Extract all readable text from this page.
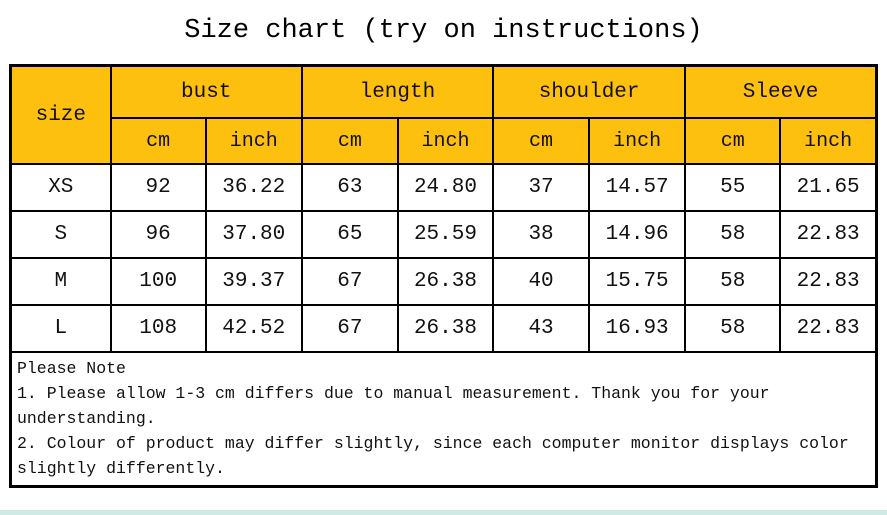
Size chart (try on instructions)
size	bust		length		shoulder		Sleeve	
	cm	inch	cm	inch	cm	inch	cm	inch
XS	92	36.22	63	24.80	37	14.57	55	21.65
S	96	37.80	65	25.59	38	14.96	58	22.83
M	100	39.37	67	26.38	40	15.75	58	22.83
L	108	42.52	67	26.38	43	16.93	58	22.83

Please Note
1. Please allow 1-3 cm differs due to manual measurement. Thank you for your understanding.
2. Colour of product may differ slightly, since each computer monitor displays color slightly differently.								
